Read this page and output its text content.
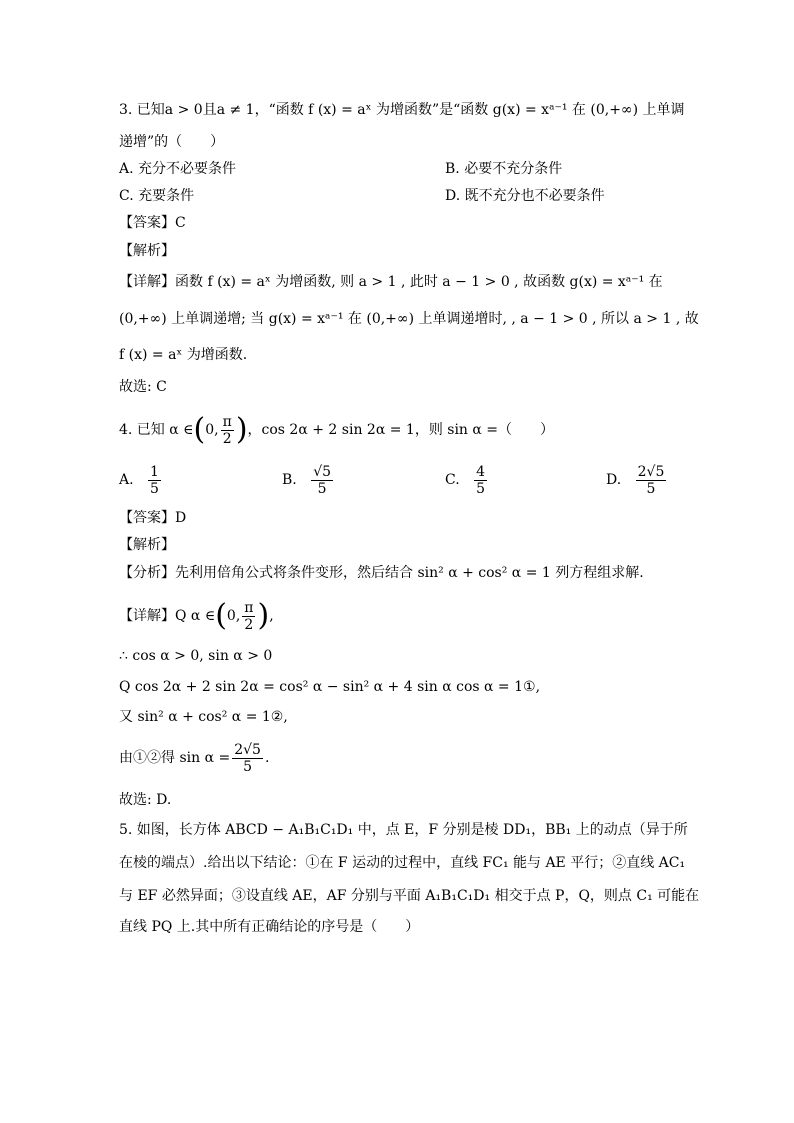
3. 已知a > 0且a ≠ 1，“函数 f (x) = aˣ 为增函数”是“函数 g(x) = xᵃ⁻¹ 在 (0,+∞) 上单调
递增”的（　　）
A. 充分不必要条件	B. 必要不充分条件
C. 充要条件	D. 既不充分也不必要条件
【答案】C
【解析】
【详解】函数 f (x) = aˣ 为增函数, 则 a > 1 , 此时 a − 1 > 0 , 故函数 g(x) = xᵃ⁻¹ 在
(0,+∞) 上单调递增; 当 g(x) = xᵃ⁻¹ 在 (0,+∞) 上单调递增时, , a − 1 > 0 , 所以 a > 1 , 故
f (x) = aˣ 为增函数.
故选: C
4. 已知 α ∈(0, $\frac{\pi}{2}$ )，cos 2α + 2 sin 2α = 1，则 sin α =（　　）
A. $\frac{1}{5}$	B. $\frac{√5}{5}$	C. $\frac{4}{5}$	D. $\frac{2√5}{5}$
【答案】D
【解析】
【分析】先利用倍角公式将条件变形，然后结合 sin² α + cos² α = 1 列方程组求解.
【详解】Q α ∈(0, $\frac{\pi}{2}$ ),
∴ cos α > 0, sin α > 0
Q cos 2α + 2 sin 2α = cos² α − sin² α + 4 sin α cos α = 1①,
又 sin² α + cos² α = 1②,
由①②得 $\sin \alpha = \frac{2√5}{5}$ .
故选: D.
5. 如图，长方体 ABCD − A₁B₁C₁D₁ 中，点 E，F 分别是棱 DD₁，BB₁ 上的动点（异于所
在棱的端点）.给出以下结论：①在 F 运动的过程中，直线 FC₁ 能与 AE 平行；②直线 AC₁
与 EF 必然异面；③设直线 AE，AF 分别与平面 A₁B₁C₁D₁ 相交于点 P，Q，则点 C₁ 可能在
直线 PQ 上.其中所有正确结论的序号是（　　）
